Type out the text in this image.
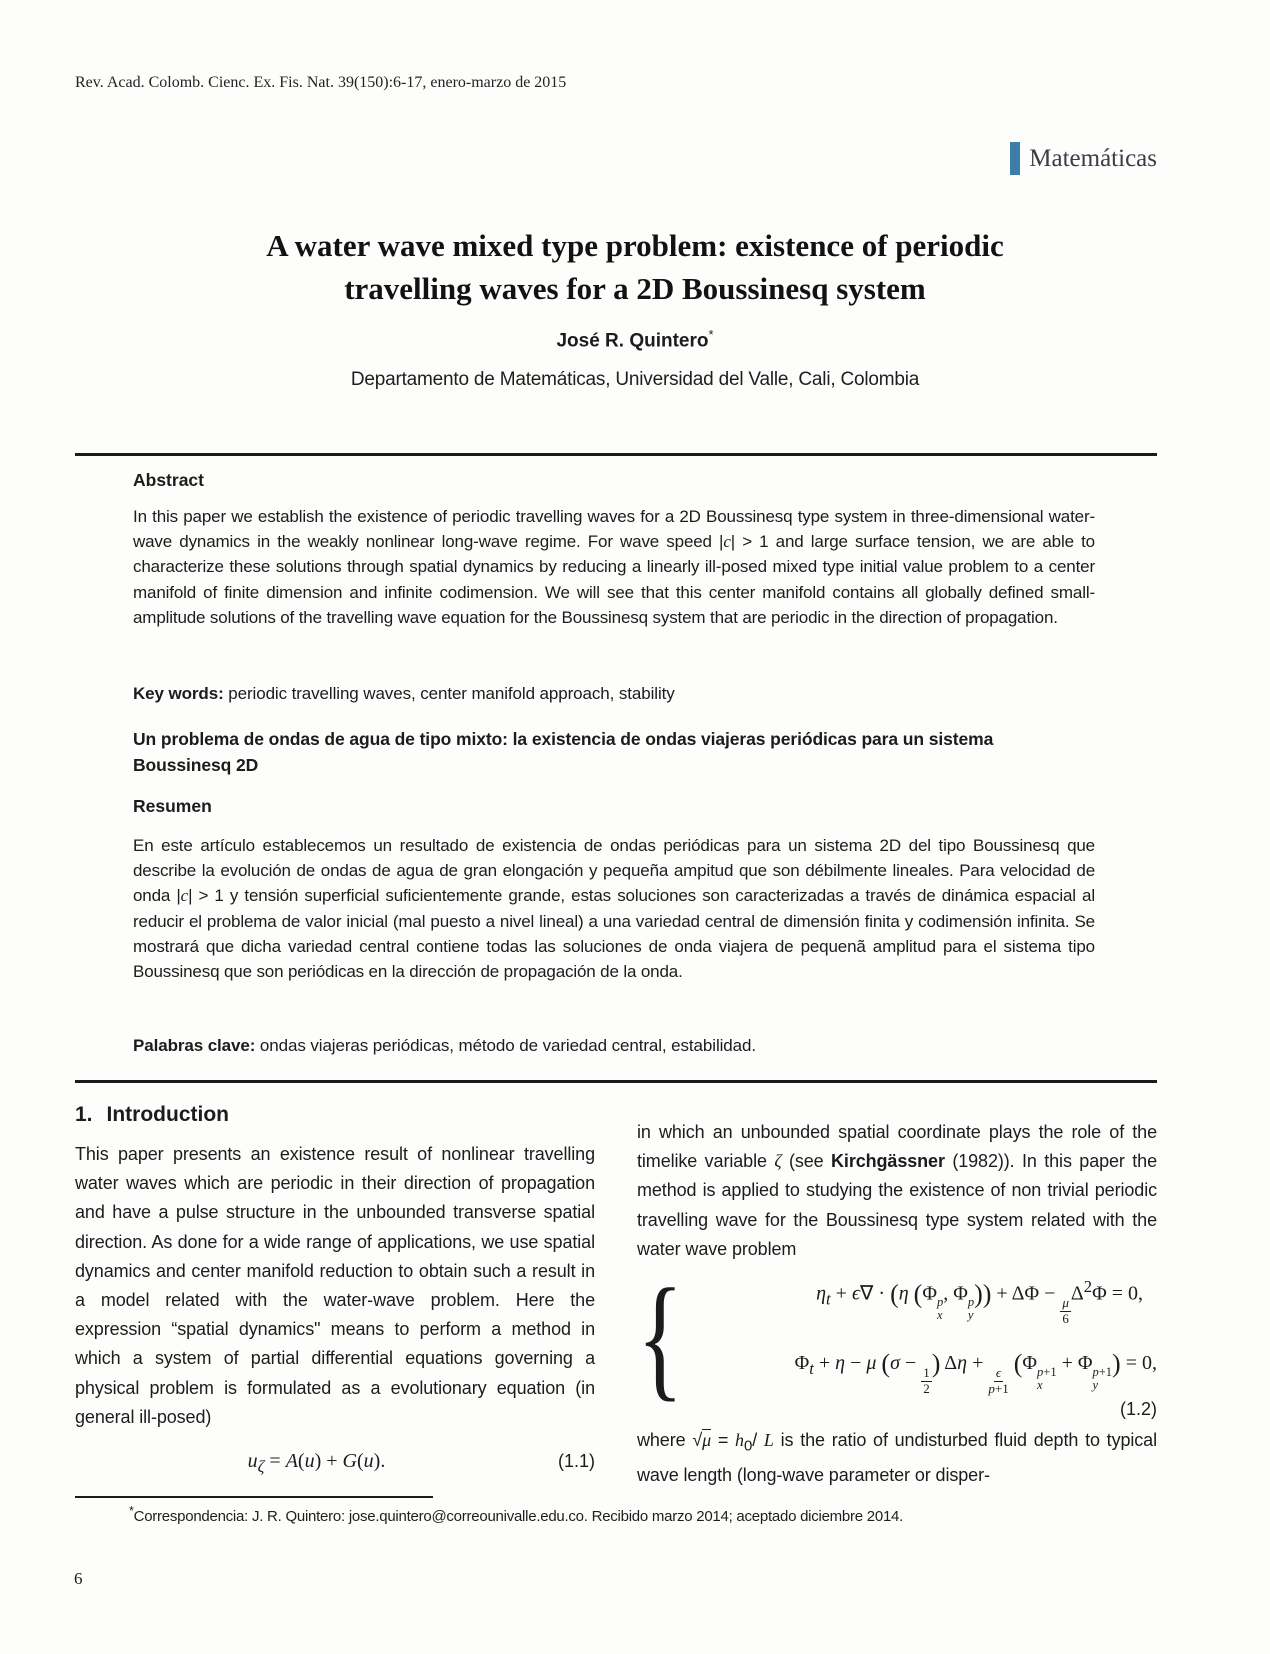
Rev. Acad. Colomb. Cienc. Ex. Fis. Nat. 39(150):6-17, enero-marzo de 2015
Matemáticas
A water wave mixed type problem: existence of periodic
travelling waves for a 2D Boussinesq system
José R. Quintero*
Departamento de Matemáticas, Universidad del Valle, Cali, Colombia
Abstract
In this paper we establish the existence of periodic travelling waves for a 2D Boussinesq type system in three-dimensional water-wave dynamics in the weakly nonlinear long-wave regime. For wave speed |c| > 1 and large surface tension, we are able to characterize these solutions through spatial dynamics by reducing a linearly ill-posed mixed type initial value problem to a center manifold of finite dimension and infinite codimension. We will see that this center manifold contains all globally defined small-amplitude solutions of the travelling wave equation for the Boussinesq system that are periodic in the direction of propagation.
Key words: periodic travelling waves, center manifold approach, stability
Un problema de ondas de agua de tipo mixto: la existencia de ondas viajeras periódicas para un sistema Boussinesq 2D
Resumen
En este artículo establecemos un resultado de existencia de ondas periódicas para un sistema 2D del tipo Boussinesq que describe la evolución de ondas de agua de gran elongación y pequeña ampitud que son débilmente lineales. Para velocidad de onda |c| > 1 y tensión superficial suficientemente grande, estas soluciones son caracterizadas a través de dinámica espacial al reducir el problema de valor inicial (mal puesto a nivel lineal) a una variedad central de dimensión finita y codimensión infinita. Se mostrará que dicha variedad central contiene todas las soluciones de onda viajera de pequenã amplitud para el sistema tipo Boussinesq que son periódicas en la dirección de propagación de la onda.
Palabras clave: ondas viajeras periódicas, método de variedad central, estabilidad.
1. Introduction
This paper presents an existence result of nonlinear travelling water waves which are periodic in their direction of propagation and have a pulse structure in the unbounded transverse spatial direction. As done for a wide range of applications, we use spatial dynamics and center manifold reduction to obtain such a result in a model related with the water-wave problem. Here the expression “spatial dynamics" means to perform a method in which a system of partial differential equations governing a physical problem is formulated as a evolutionary equation (in general ill-posed)
$u_\zeta = A(u) + G(u)$.	(1.1)
in which an unbounded spatial coordinate plays the role of the timelike variable ζ (see Kirchgässner (1982)). In this paper the method is applied to studying the existence of non trivial periodic travelling wave for the Boussinesq type system related with the water wave problem
{	$\eta_t + \epsilon\nabla \cdot (\eta$ (Φ p
x
, Φ p
y
)) + ΔΦ −
$\frac{\mu}{6}$
$\Delta^2\Phi = 0$,
$\Phi_t + \eta - \mu$ (σ −
$\frac{1}{2}$
) Δη +
$\frac{\epsilon}{p+1}$
(Φ p+1
x
+ Φ p+1
y
) = 0,
(1.2)
where $√\mu = h_0/$ L is the ratio of undisturbed fluid depth to typical wave length (long-wave parameter or disper-
*Correspondencia: J. R. Quintero: jose.quintero@correounivalle.edu.co. Recibido marzo 2014; aceptado diciembre 2014.
6
